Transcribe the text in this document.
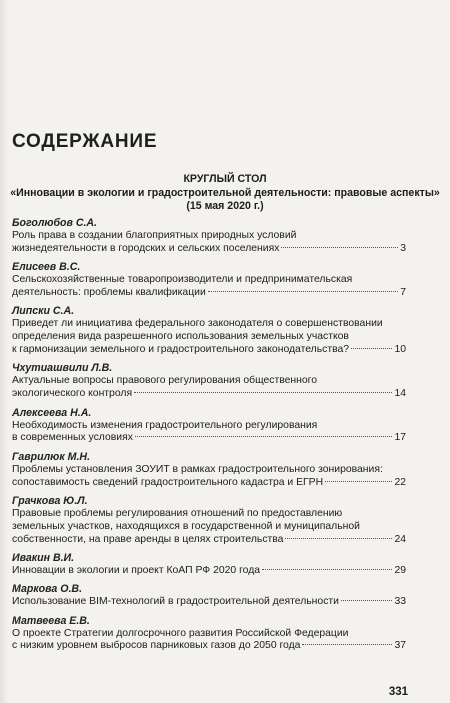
СОДЕРЖАНИЕ
КРУГЛЫЙ СТОЛ
«Инновации в экологии и градостроительной деятельности: правовые аспекты»
(15 мая 2020 г.)
Боголюбов С.А.
Роль права в создании благоприятных природных условий
жизнедеятельности в городских и сельских поселениях	3
Елисеев В.С.
Сельскохозяйственные товаропроизводители и предпринимательская
деятельность: проблемы квалификации	7
Липски С.А.
Приведет ли инициатива федерального законодателя о совершенствовании
определения вида разрешенного использования земельных участков
к гармонизации земельного и градостроительного законодательства?	10
Чхутиашвили Л.В.
Актуальные вопросы правового регулирования общественного
экологического контроля	14
Алексеева Н.А.
Необходимость изменения градостроительного регулирования
в современных условиях	17
Гаврилюк М.Н.
Проблемы установления ЗОУИТ в рамках градостроительного зонирования:
сопоставимость сведений градостроительного кадастра и ЕГРН	22
Грачкова Ю.Л.
Правовые проблемы регулирования отношений по предоставлению
земельных участков, находящихся в государственной и муниципальной
собственности, на праве аренды в целях строительства	24
Ивакин В.И.
Инновации в экологии и проект КоАП РФ 2020 года	29
Маркова О.В.
Использование BIM-технологий в градостроительной деятельности	33
Матвеева Е.В.
О проекте Стратегии долгосрочного развития Российской Федерации
с низким уровнем выбросов парниковых газов до 2050 года	37
331
